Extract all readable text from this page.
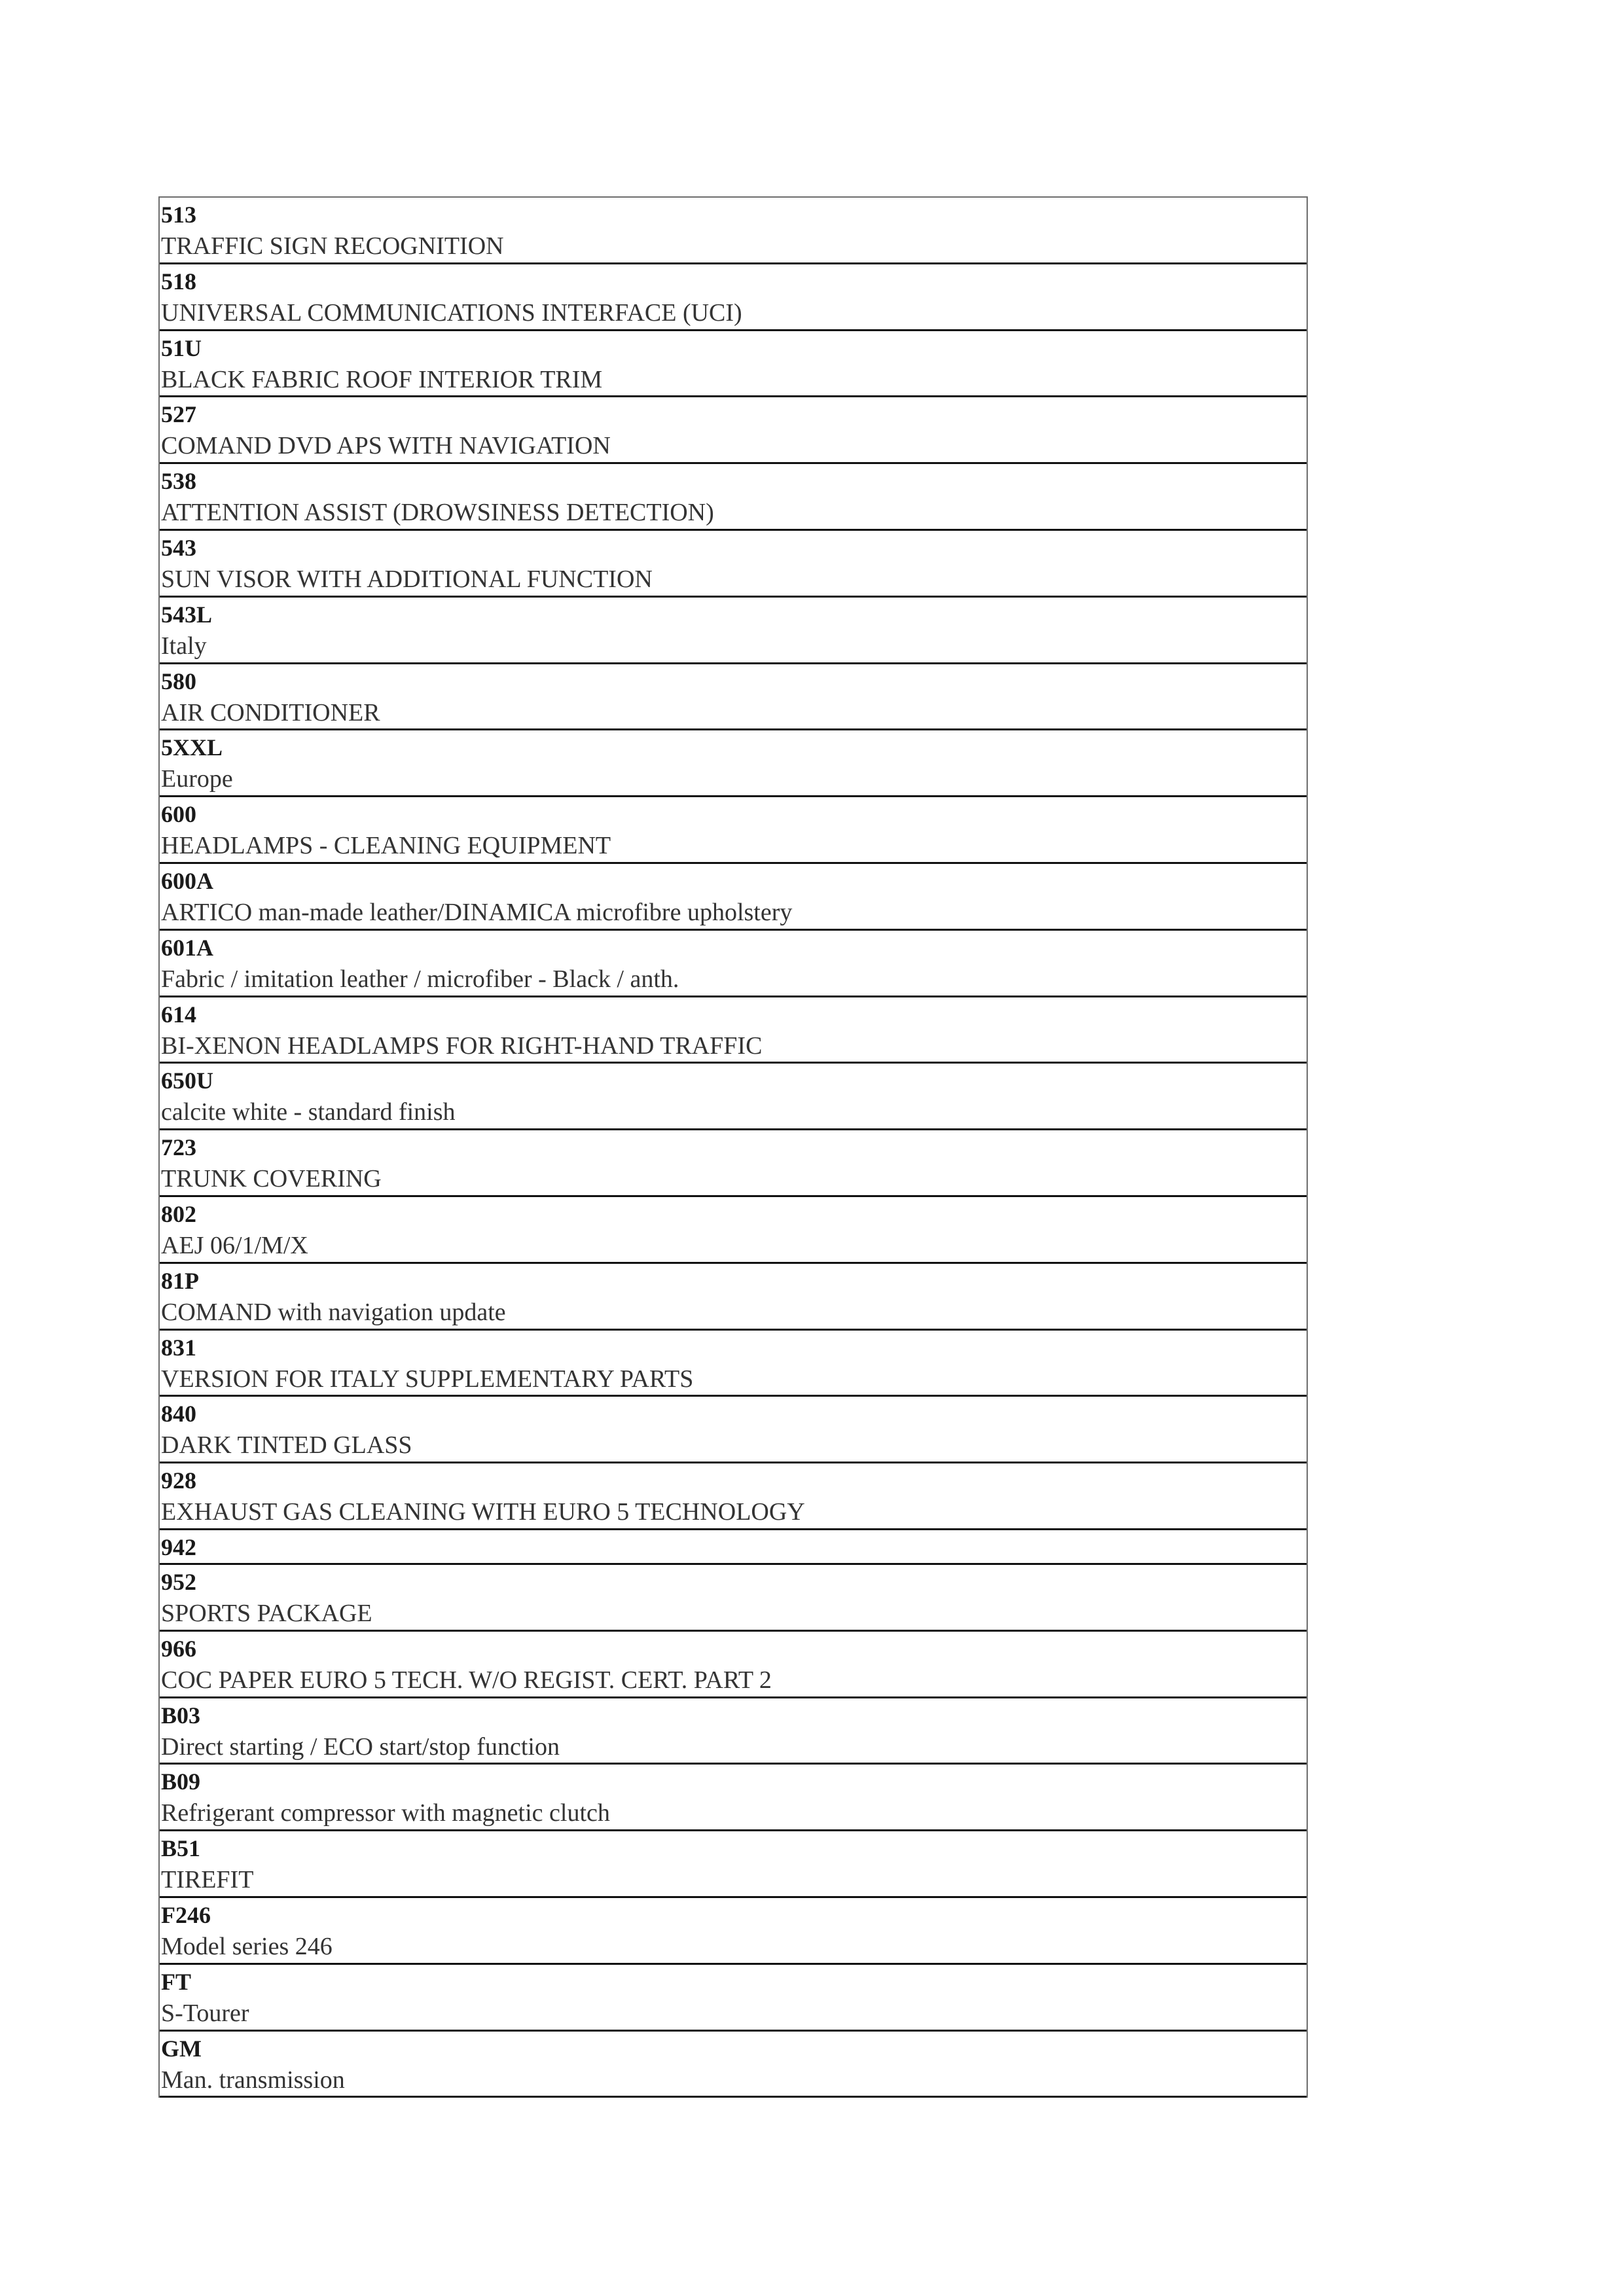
513
TRAFFIC SIGN RECOGNITION
518
UNIVERSAL COMMUNICATIONS INTERFACE (UCI)
51U
BLACK FABRIC ROOF INTERIOR TRIM
527
COMAND DVD APS WITH NAVIGATION
538
ATTENTION ASSIST (DROWSINESS DETECTION)
543
SUN VISOR WITH ADDITIONAL FUNCTION
543L
Italy
580
AIR CONDITIONER
5XXL
Europe
600
HEADLAMPS - CLEANING EQUIPMENT
600A
ARTICO man-made leather/DINAMICA microfibre upholstery
601A
Fabric / imitation leather / microfiber - Black / anth.
614
BI-XENON HEADLAMPS FOR RIGHT-HAND TRAFFIC
650U
calcite white - standard finish
723
TRUNK COVERING
802
AEJ 06/1/M/X
81P
COMAND with navigation update
831
VERSION FOR ITALY SUPPLEMENTARY PARTS
840
DARK TINTED GLASS
928
EXHAUST GAS CLEANING WITH EURO 5 TECHNOLOGY
942
952
SPORTS PACKAGE
966
COC PAPER EURO 5 TECH. W/O REGIST. CERT. PART 2
B03
Direct starting / ECO start/stop function
B09
Refrigerant compressor with magnetic clutch
B51
TIREFIT
F246
Model series 246
FT
S-Tourer
GM
Man. transmission
